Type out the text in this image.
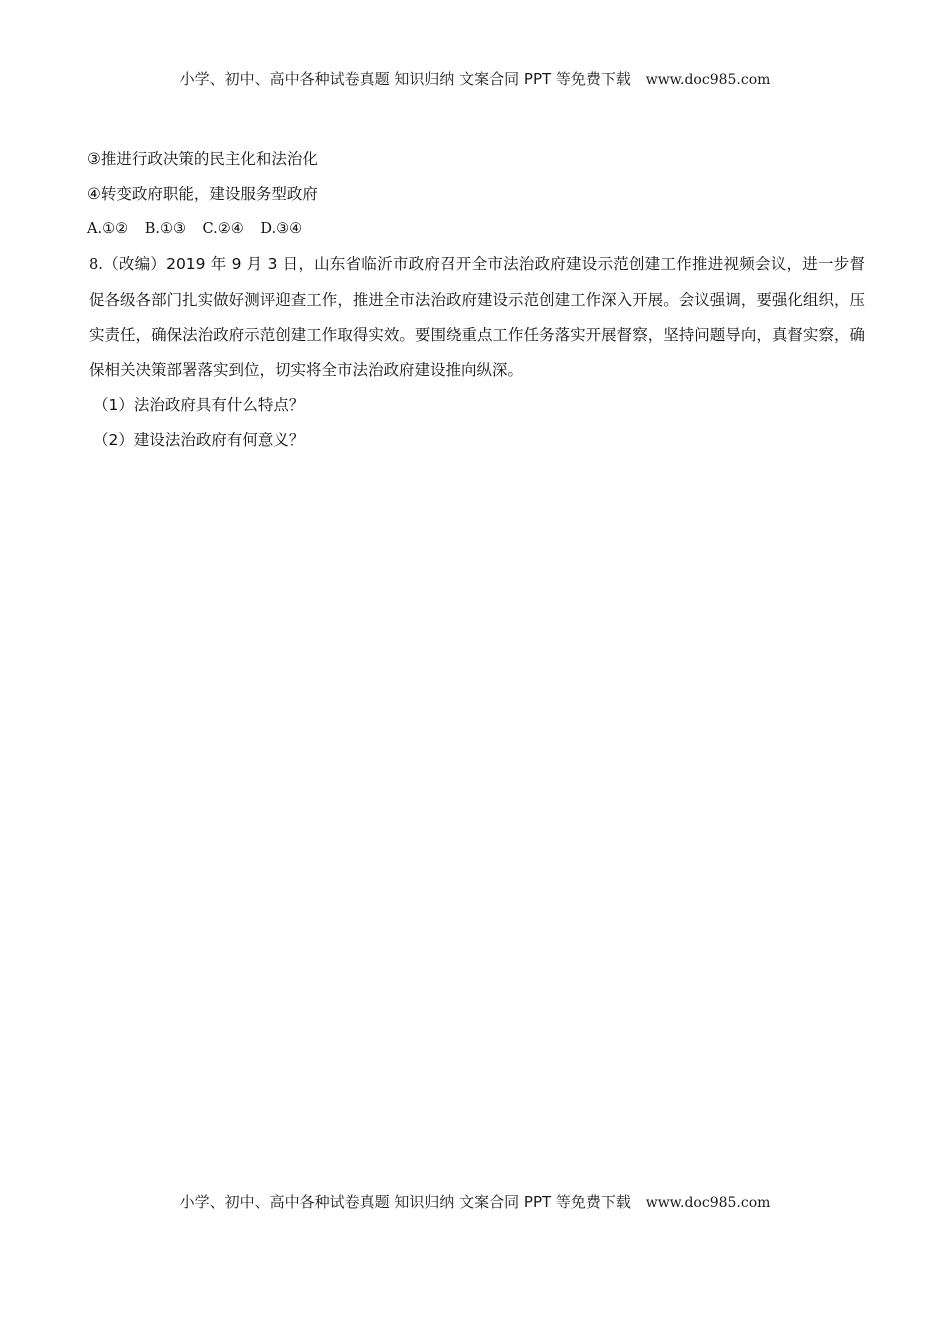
小学、初中、高中各种试卷真题 知识归纳 文案合同 PPT 等免费下载 www.doc985.com
③推进行政决策的民主化和法治化
④转变政府职能，建设服务型政府
A.①② B.①③ C.②④ D.③④

8.（改编）2019 年 9 月 3 日，山东省临沂市政府召开全市法治政府建设示范创建工作推进视频会议，进一步督促各级各部门扎实做好测评迎查工作，推进全市法治政府建设示范创建工作深入开展。会议强调，要强化组织，压实责任，确保法治政府示范创建工作取得实效。要围绕重点工作任务落实开展督察，坚持问题导向，真督实察，确保相关决策部署落实到位，切实将全市法治政府建设推向纵深。

（1）法治政府具有什么特点？
（2）建设法治政府有何意义？
小学、初中、高中各种试卷真题 知识归纳 文案合同 PPT 等免费下载 www.doc985.com
